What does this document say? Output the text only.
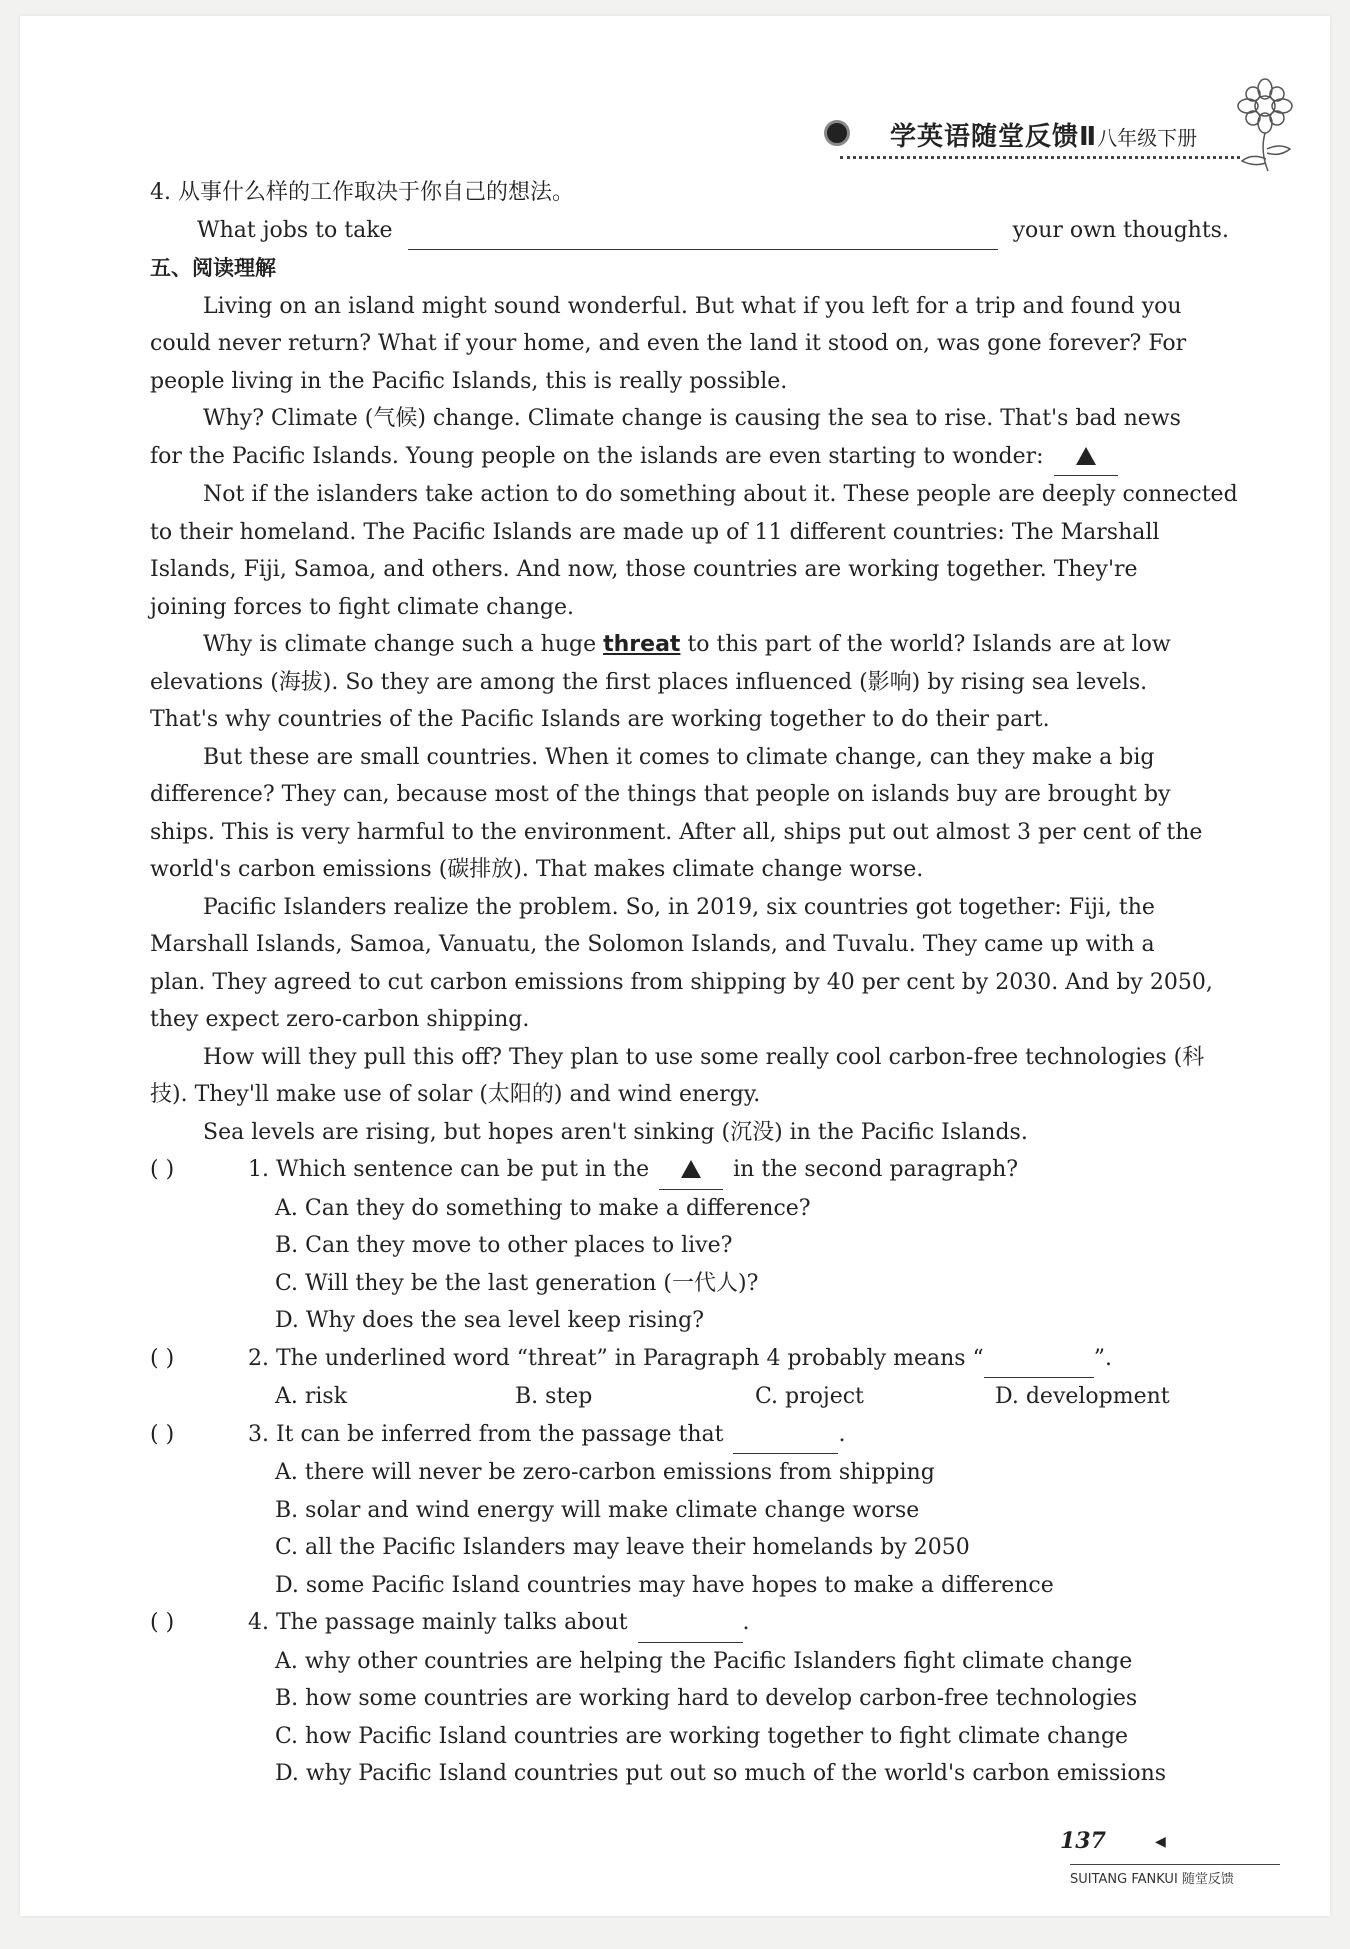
学英语随堂反馈Ⅱ八年级下册
4. 从事什么样的工作取决于你自己的想法。
What jobs to take	your own thoughts.
五、阅读理解
Living on an island might sound wonderful. But what if you left for a trip and found you
could never return? What if your home, and even the land it stood on, was gone forever? For
people living in the Pacific Islands, this is really possible.
Why? Climate (气候) change. Climate change is causing the sea to rise. That's bad news
for the Pacific Islands. Young people on the islands are even starting to wonder:
Not if the islanders take action to do something about it. These people are deeply connected
to their homeland. The Pacific Islands are made up of 11 different countries: The Marshall
Islands, Fiji, Samoa, and others. And now, those countries are working together. They're
joining forces to fight climate change.
Why is climate change such a huge threat to this part of the world? Islands are at low
elevations (海拔). So they are among the first places influenced (影响) by rising sea levels.
That's why countries of the Pacific Islands are working together to do their part.
But these are small countries. When it comes to climate change, can they make a big
difference? They can, because most of the things that people on islands buy are brought by
ships. This is very harmful to the environment. After all, ships put out almost 3 per cent of the
world's carbon emissions (碳排放). That makes climate change worse.
Pacific Islanders realize the problem. So, in 2019, six countries got together: Fiji, the
Marshall Islands, Samoa, Vanuatu, the Solomon Islands, and Tuvalu. They came up with a
plan. They agreed to cut carbon emissions from shipping by 40 per cent by 2030. And by 2050,
they expect zero-carbon shipping.
How will they pull this off? They plan to use some really cool carbon-free technologies (科
技). They'll make use of solar (太阳的) and wind energy.
Sea levels are rising, but hopes aren't sinking (沉没) in the Pacific Islands.
( )	1. Which sentence can be put in the	in the second paragraph?
A. Can they do something to make a difference?
B. Can they move to other places to live?
C. Will they be the last generation (一代人)?
D. Why does the sea level keep rising?
( )	2. The underlined word “threat” in Paragraph 4 probably means “
	”.
A. risk	B. step	C. project	D. development
( )	3. It can be inferred from the passage that
	.
A. there will never be zero-carbon emissions from shipping
B. solar and wind energy will make climate change worse
C. all the Pacific Islanders may leave their homelands by 2050
D. some Pacific Island countries may have hopes to make a difference
( )	4. The passage mainly talks about
	.
A. why other countries are helping the Pacific Islanders fight climate change
B. how some countries are working hard to develop carbon-free technologies
C. how Pacific Island countries are working together to fight climate change
D. why Pacific Island countries put out so much of the world's carbon emissions
137	◀
SUITANG FANKUI 随堂反馈
